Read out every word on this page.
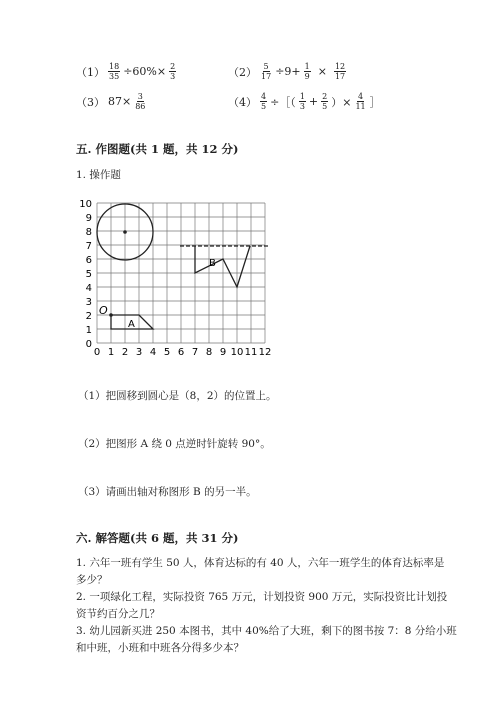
$(1) \frac{18}{35} \div 60\%\times \frac{2}{3}$	$(2) \frac{5}{17} \div 9+ \frac{1}{9} \times \frac{12}{17}$
（3） $87\times \frac{3}{86}$	$(4) \frac{4}{5}$ ÷［（ $\frac{1}{3} + \frac{2}{5}$ ）× $\frac{4}{11}$ ］
五. 作图题(共 1 题，共 12 分)
1. 操作题
0 1 2 3 4 5 6 7 8 9 10 11 12
0
1
2
3
4
5
6
7
8
9
10
O
A
B
（1）把圆移到圆心是（8，2）的位置上。
（2）把图形 A 绕 0 点逆时针旋转 90°。
（3）请画出轴对称图形 B 的另一半。
六. 解答题(共 6 题，共 31 分)
1. 六年一班有学生 50 人，体育达标的有 40 人，六年一班学生的体育达标率是
多少？
2. 一项绿化工程，实际投资 765 万元，计划投资 900 万元，实际投资比计划投
资节约百分之几？
3. 幼儿园新买进 250 本图书，其中 40%给了大班，剩下的图书按 7：8 分给小班
和中班，小班和中班各分得多少本？
